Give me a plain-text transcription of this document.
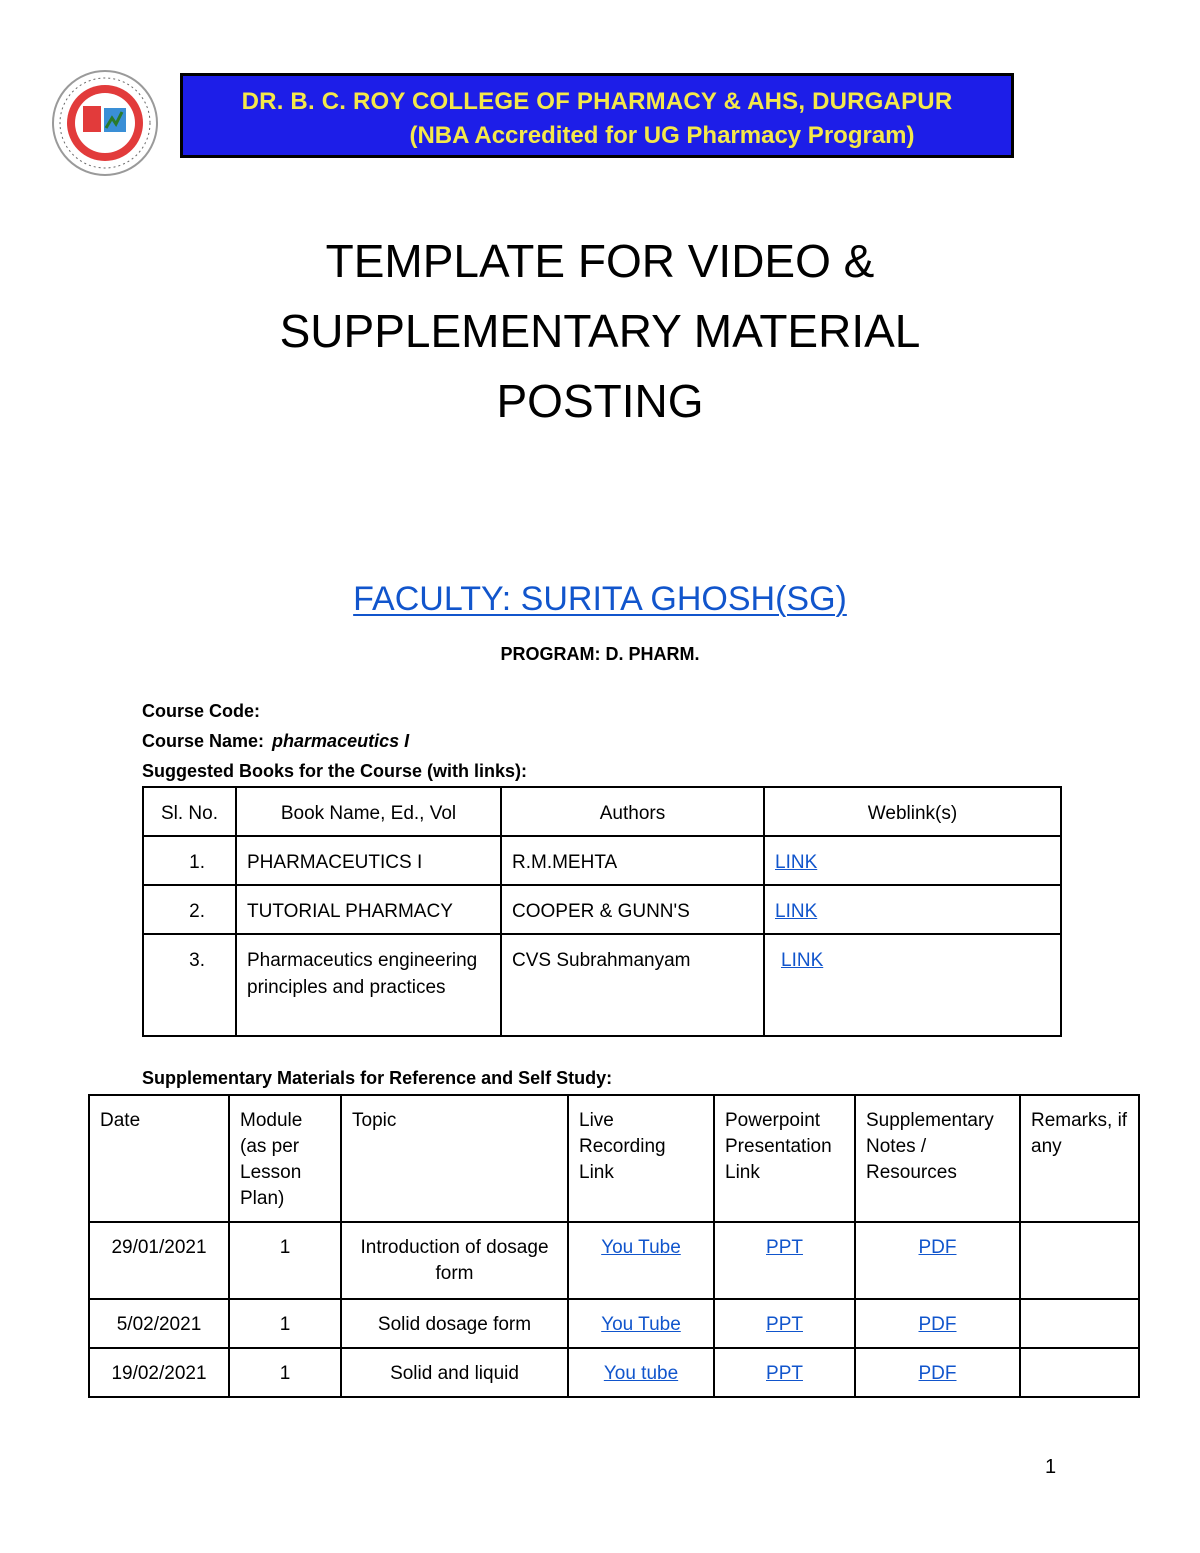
DR. B. C. ROY COLLEGE OF PHARMACY & AHS, DURGAPUR
(NBA Accredited for UG Pharmacy Program)
TEMPLATE FOR VIDEO &
SUPPLEMENTARY MATERIAL
POSTING
FACULTY: SURITA GHOSH(SG)
PROGRAM: D. PHARM.
Course Code:
Course Name: pharmaceutics I
Suggested Books for the Course (with links):
Sl. No.	Book Name, Ed., Vol	Authors	Weblink(s)
1.	PHARMACEUTICS I	R.M.MEHTA	LINK
2.	TUTORIAL PHARMACY	COOPER & GUNN'S	LINK
3.	Pharmaceutics engineering principles and practices	CVS Subrahmanyam	LINK
Supplementary Materials for Reference and Self Study:
Date	Module (as per Lesson Plan)	Topic	Live Recording Link	Powerpoint Presentation Link	Supplementary Notes / Resources	Remarks, if any
29/01/2021	1	Introduction of dosage form	You Tube	PPT	PDF	
5/02/2021	1	Solid dosage form	You Tube	PPT	PDF	
19/02/2021	1	Solid and liquid	You tube	PPT	PDF	
1
